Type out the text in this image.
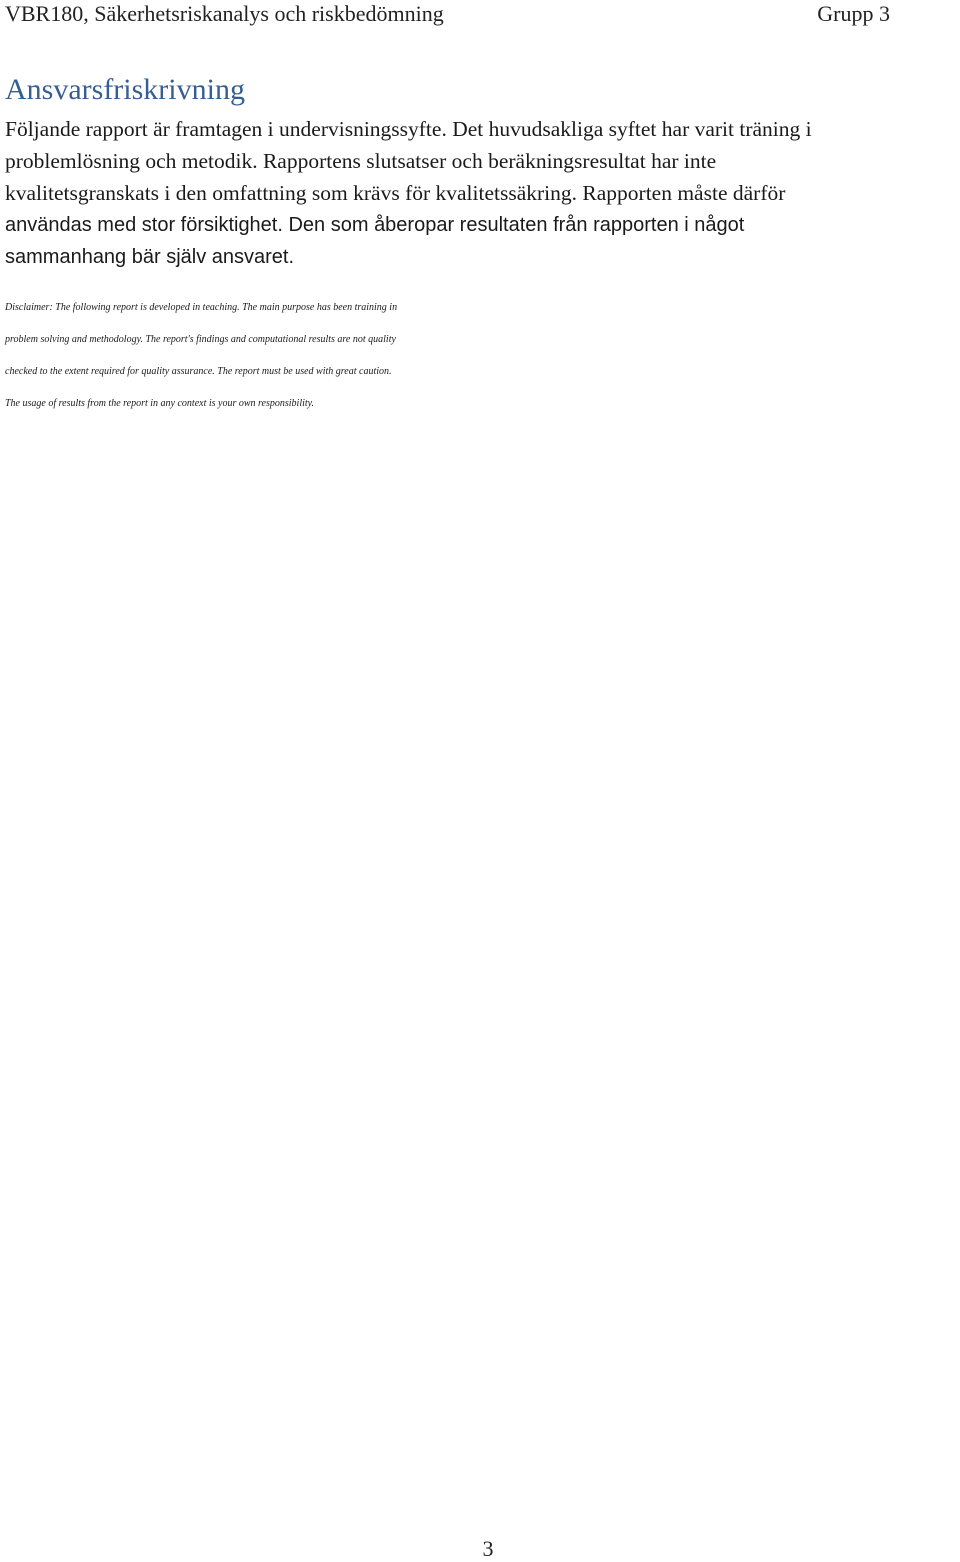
VBR180, Säkerhetsriskanalys och riskbedömning	Grupp 3
Ansvarsfriskrivning
Följande rapport är framtagen i undervisningssyfte. Det huvudsakliga syftet har varit träning i
problemlösning och metodik. Rapportens slutsatser och beräkningsresultat har inte
kvalitetsgranskats i den omfattning som krävs för kvalitetssäkring. Rapporten måste därför
användas med stor försiktighet. Den som åberopar resultaten från rapporten i något
sammanhang bär själv ansvaret.
Disclaimer: The following report is developed in teaching. The main purpose has been training in
problem solving and methodology. The report's findings and computational results are not quality
checked to the extent required for quality assurance. The report must be used with great caution.
The usage of results from the report in any context is your own responsibility.
3
